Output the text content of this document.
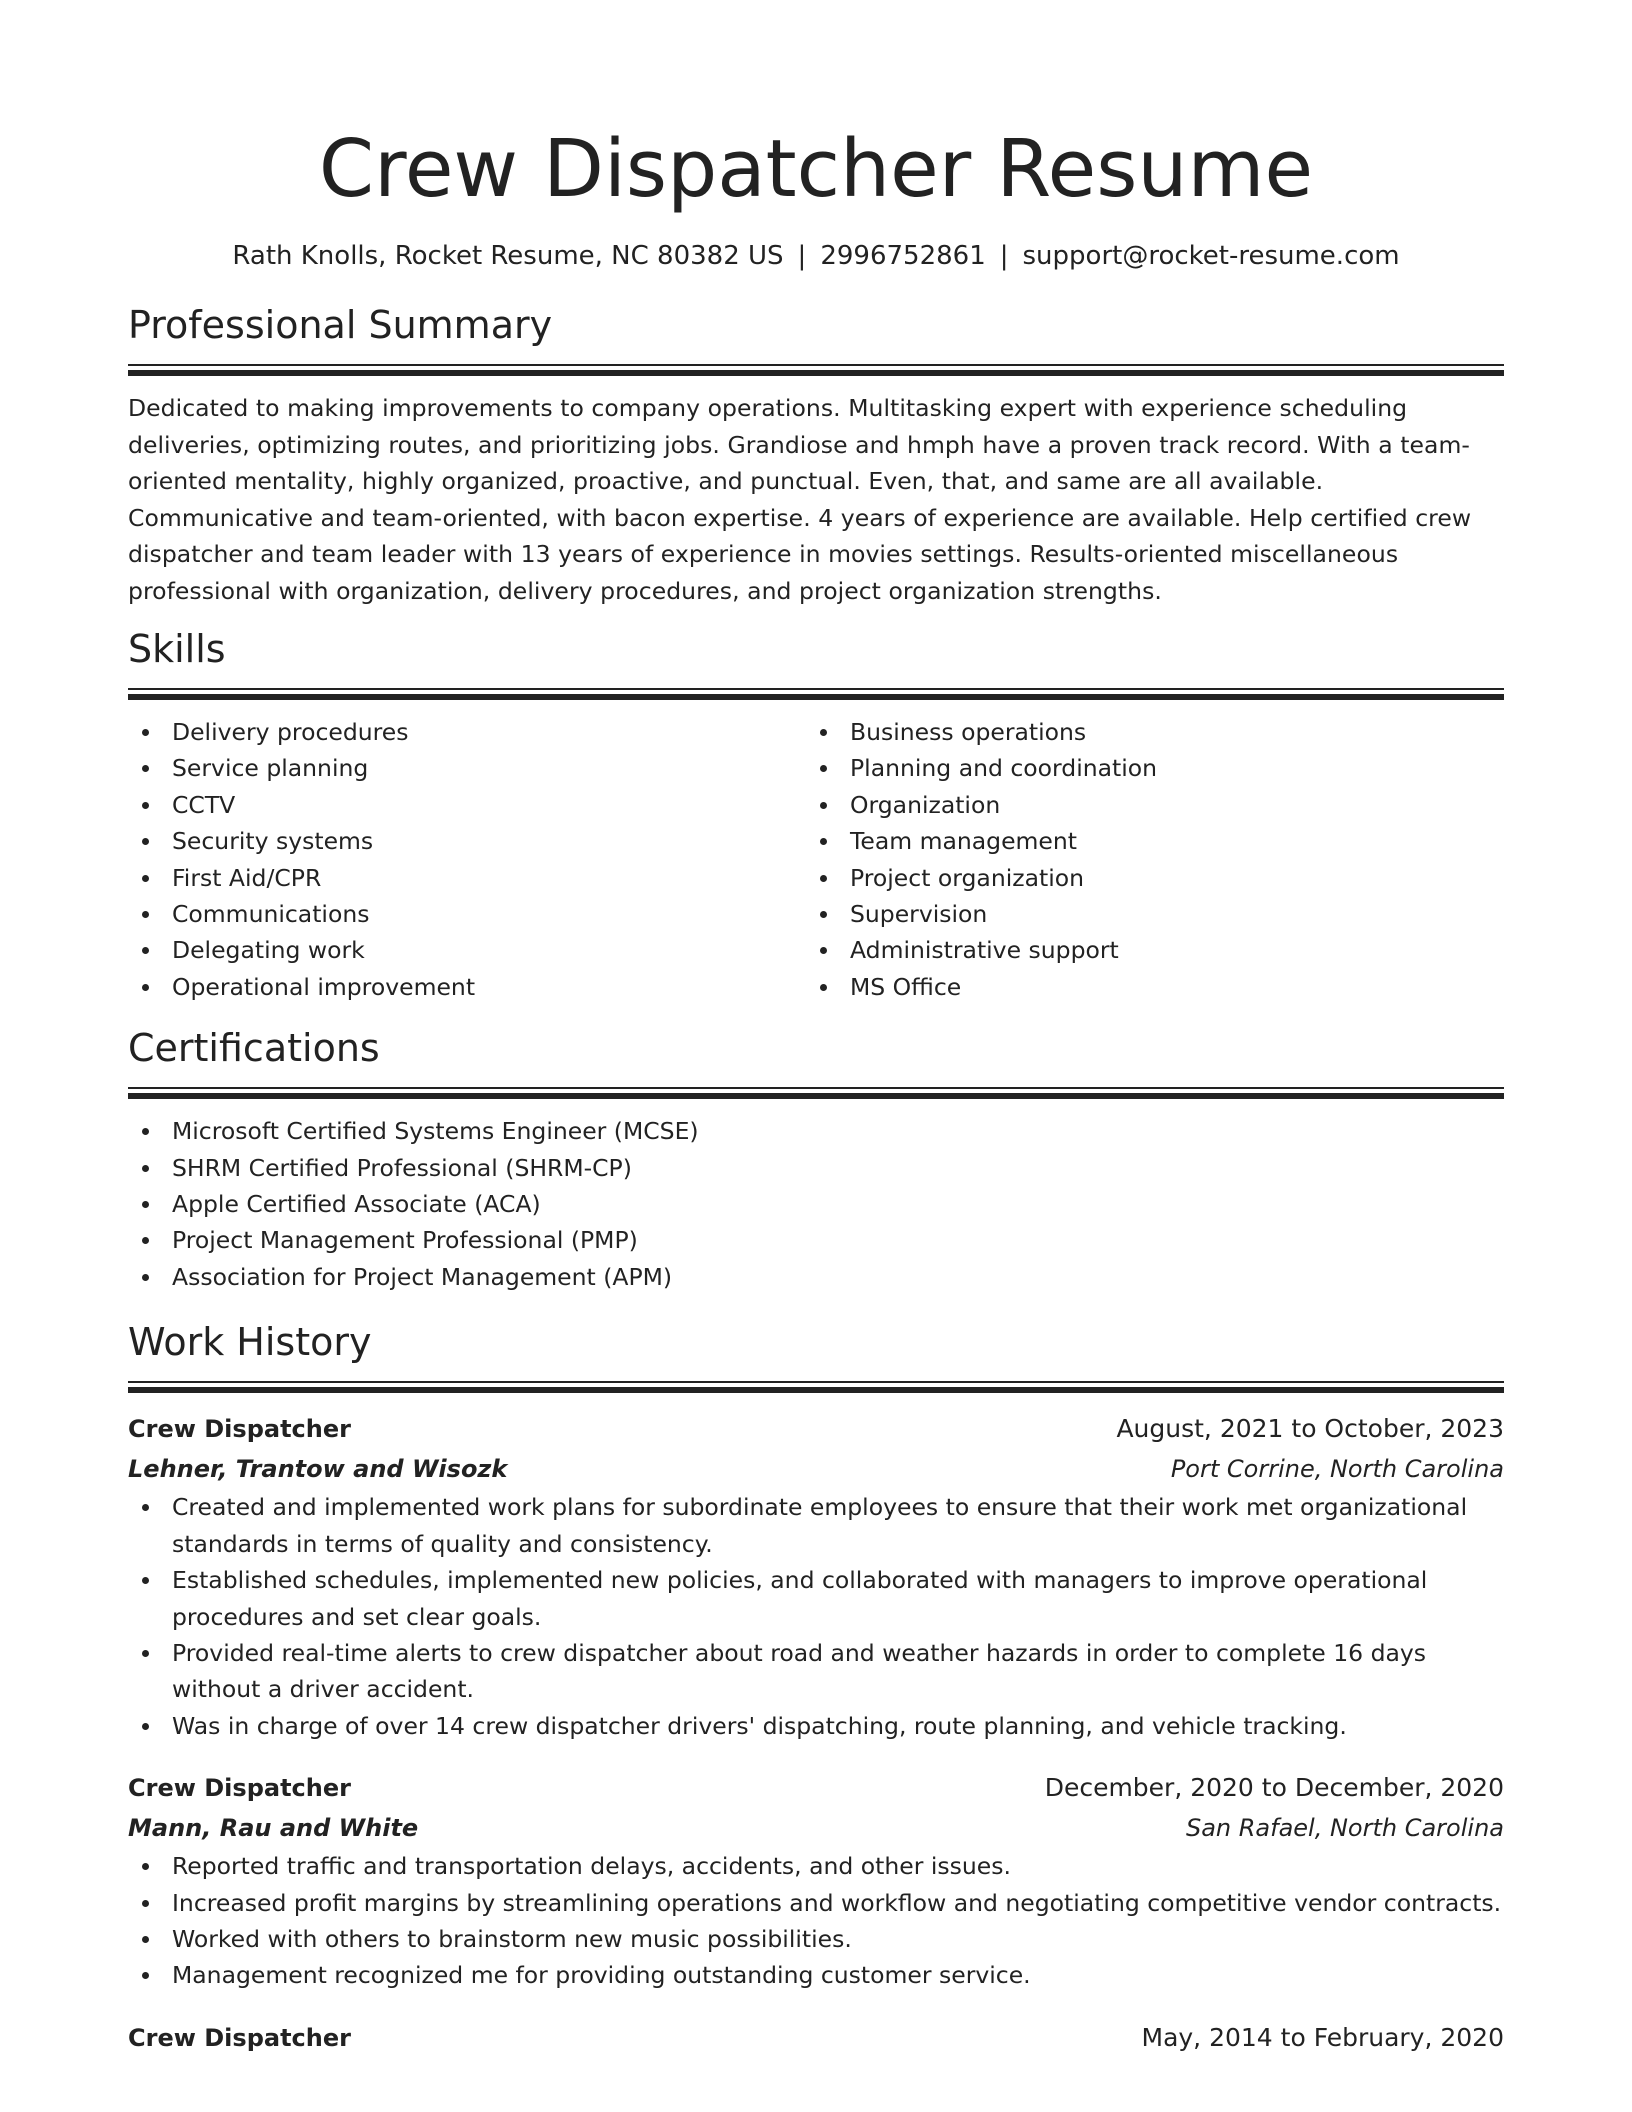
Crew Dispatcher Resume
Rath Knolls, Rocket Resume, NC 80382 US | 2996752861 | support@rocket-resume.com
Professional Summary

Dedicated to making improvements to company operations. Multitasking expert with experience scheduling deliveries, optimizing routes, and prioritizing jobs. Grandiose and hmph have a proven track record. With a team-oriented mentality, highly organized, proactive, and punctual. Even, that, and same are all available. Communicative and team-oriented, with bacon expertise. 4 years of experience are available. Help certified crew dispatcher and team leader with 13 years of experience in movies settings. Results-oriented miscellaneous professional with organization, delivery procedures, and project organization strengths.

Skills
Delivery procedures
Service planning
CCTV
Security systems
First Aid/CPR
Communications
Delegating work
Operational improvement
Business operations
Planning and coordination
Organization
Team management
Project organization
Supervision
Administrative support
MS Office
Certifications
Microsoft Certified Systems Engineer (MCSE)
SHRM Certified Professional (SHRM-CP)
Apple Certified Associate (ACA)
Project Management Professional (PMP)
Association for Project Management (APM)
Work History
Crew Dispatcher	August, 2021 to October, 2023
Lehner, Trantow and Wisozk	Port Corrine, North Carolina
Created and implemented work plans for subordinate employees to ensure that their work met organizational standards in terms of quality and consistency.
Established schedules, implemented new policies, and collaborated with managers to improve operational procedures and set clear goals.
Provided real-time alerts to crew dispatcher about road and weather hazards in order to complete 16 days without a driver accident.
Was in charge of over 14 crew dispatcher drivers' dispatching, route planning, and vehicle tracking.
Crew Dispatcher	December, 2020 to December, 2020
Mann, Rau and White	San Rafael, North Carolina
Reported traffic and transportation delays, accidents, and other issues.
Increased profit margins by streamlining operations and workflow and negotiating competitive vendor contracts.
Worked with others to brainstorm new music possibilities.
Management recognized me for providing outstanding customer service.
Crew Dispatcher	May, 2014 to February, 2020
